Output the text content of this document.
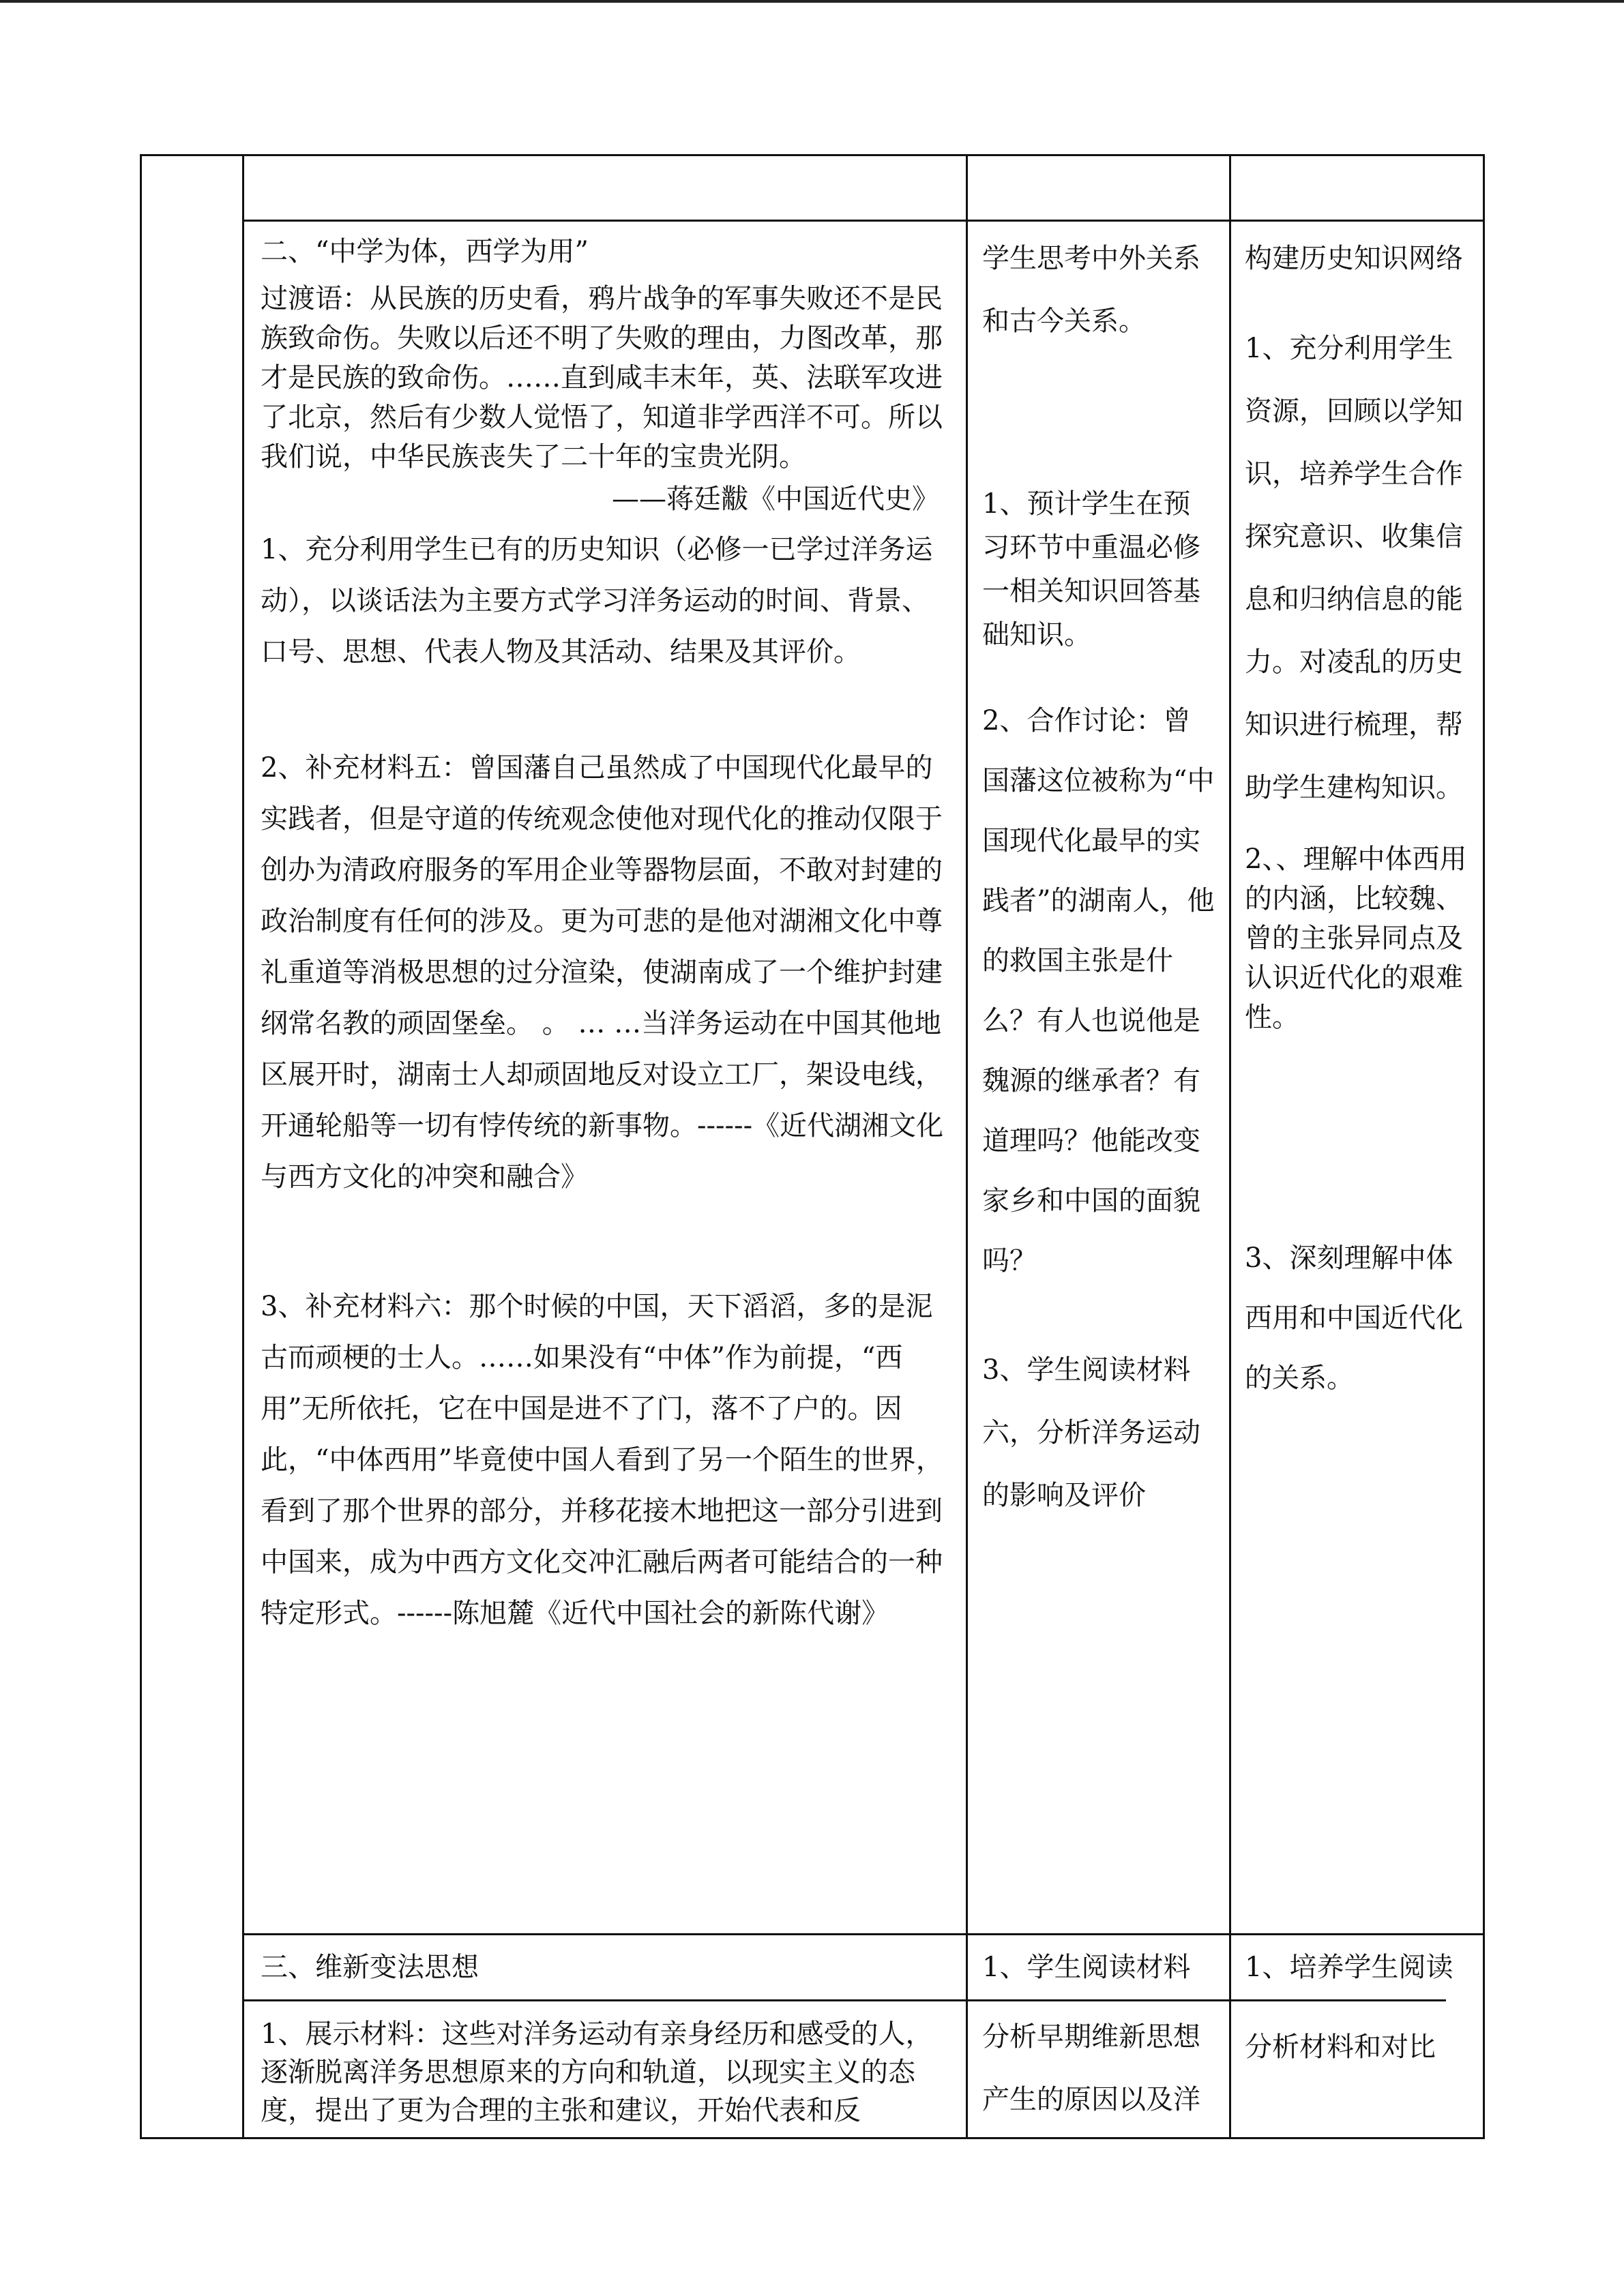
二、“中学为体，西学为用”

过渡语：从民族的历史看，鸦片战争的军事失败还不是民族致命伤。失败以后还不明了失败的理由，力图改革，那才是民族的致命伤。……直到咸丰末年，英、法联军攻进了北京，然后有少数人觉悟了，知道非学西洋不可。所以我们说，中华民族丧失了二十年的宝贵光阴。

——蒋廷黻《中国近代史》

1、充分利用学生已有的历史知识（必修一已学过洋务运动），以谈话法为主要方式学习洋务运动的时间、背景、口号、思想、代表人物及其活动、结果及其评价。

2、补充材料五：曾国藩自己虽然成了中国现代化最早的实践者，但是守道的传统观念使他对现代化的推动仅限于创办为清政府服务的军用企业等器物层面，不敢对封建的政治制度有任何的涉及。更为可悲的是他对湖湘文化中尊礼重道等消极思想的过分渲染，使湖南成了一个维护封建纲常名教的顽固堡垒。 。 … …当洋务运动在中国其他地区展开时，湖南士人却顽固地反对设立工厂，架设电线，开通轮船等一切有悖传统的新事物。------《近代湖湘文化与西方文化的冲突和融合》

3、补充材料六：那个时候的中国，天下滔滔，多的是泥古而顽梗的士人。……如果没有“中体”作为前提，“西用”无所依托，它在中国是进不了门，落不了户的。因此，“中体西用”毕竟使中国人看到了另一个陌生的世界，看到了那个世界的部分，并移花接木地把这一部分引进到中国来，成为中西方文化交冲汇融后两者可能结合的一种特定形式。------陈旭麓《近代中国社会的新陈代谢》

学生思考中外关系和古今关系。

1、预计学生在预习环节中重温必修一相关知识回答基础知识。

2、合作讨论：曾国藩这位被称为“中国现代化最早的实践者”的湖南人，他的救国主张是什么？有人也说他是魏源的继承者？有道理吗？他能改变家乡和中国的面貌吗？

3、学生阅读材料六，分析洋务运动的影响及评价

构建历史知识网络

1、充分利用学生资源，回顾以学知识，培养学生合作探究意识、收集信息和归纳信息的能力。对凌乱的历史知识进行梳理，帮助学生建构知识。

2、、理解中体西用的内涵，比较魏、曾的主张异同点及认识近代化的艰难性。

3、深刻理解中体西用和中国近代化的关系。

三、维新变法思想

1、展示材料：这些对洋务运动有亲身经历和感受的人，逐渐脱离洋务思想原来的方向和轨道，以现实主义的态度，提出了更为合理的主张和建议，开始代表和反

1、学生阅读材料

分析早期维新思想产生的原因以及洋

1、培养学生阅读

分析材料和对比
